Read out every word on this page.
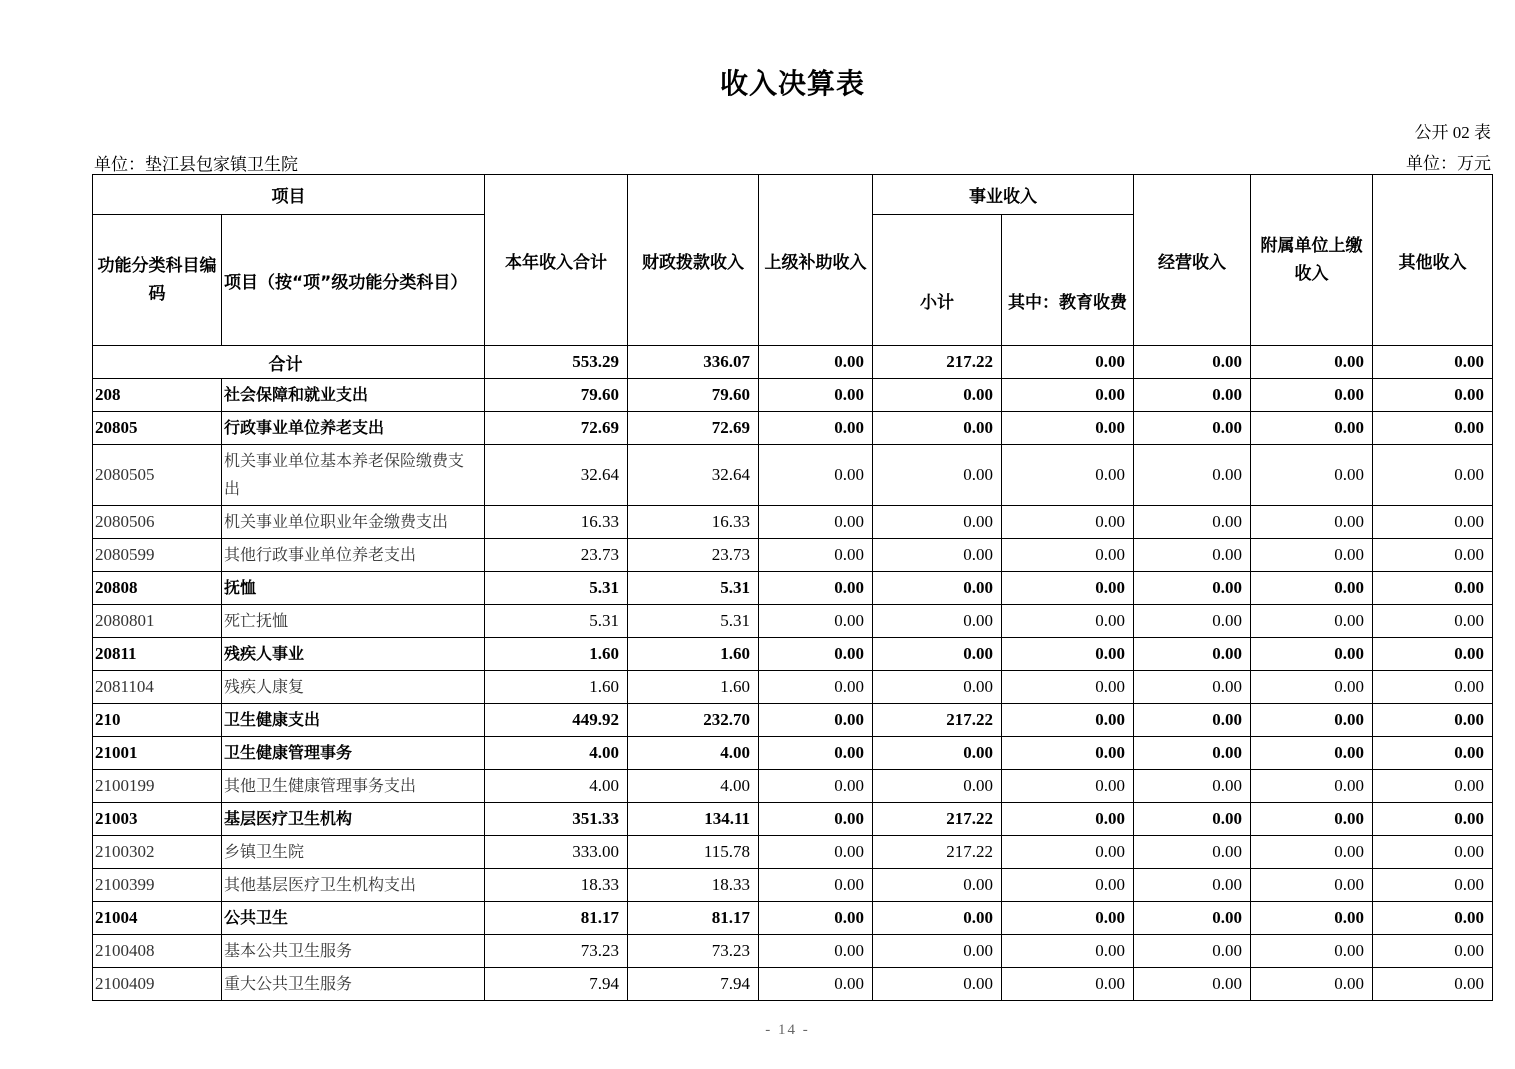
收入决算表
公开 02 表
单位：垫江县包家镇卫生院	单位：万元
项目		本年收入合计	财政拨款收入	上级补助收入	事业收入		经营收入	附属单位上缴收入	其他收入
功能分类科目编码	项目（按“项”级功能分类科目）				小计	其中：教育收费			
合计		553.29	336.07	0.00	217.22	0.00	0.00	0.00	0.00
208	社会保障和就业支出	79.60	79.60	0.00	0.00	0.00	0.00	0.00	0.00
20805	行政事业单位养老支出	72.69	72.69	0.00	0.00	0.00	0.00	0.00	0.00
2080505	机关事业单位基本养老保险缴费支出	32.64	32.64	0.00	0.00	0.00	0.00	0.00	0.00
2080506	机关事业单位职业年金缴费支出	16.33	16.33	0.00	0.00	0.00	0.00	0.00	0.00
2080599	其他行政事业单位养老支出	23.73	23.73	0.00	0.00	0.00	0.00	0.00	0.00
20808	抚恤	5.31	5.31	0.00	0.00	0.00	0.00	0.00	0.00
2080801	死亡抚恤	5.31	5.31	0.00	0.00	0.00	0.00	0.00	0.00
20811	残疾人事业	1.60	1.60	0.00	0.00	0.00	0.00	0.00	0.00
2081104	残疾人康复	1.60	1.60	0.00	0.00	0.00	0.00	0.00	0.00
210	卫生健康支出	449.92	232.70	0.00	217.22	0.00	0.00	0.00	0.00
21001	卫生健康管理事务	4.00	4.00	0.00	0.00	0.00	0.00	0.00	0.00
2100199	其他卫生健康管理事务支出	4.00	4.00	0.00	0.00	0.00	0.00	0.00	0.00
21003	基层医疗卫生机构	351.33	134.11	0.00	217.22	0.00	0.00	0.00	0.00
2100302	乡镇卫生院	333.00	115.78	0.00	217.22	0.00	0.00	0.00	0.00
2100399	其他基层医疗卫生机构支出	18.33	18.33	0.00	0.00	0.00	0.00	0.00	0.00
21004	公共卫生	81.17	81.17	0.00	0.00	0.00	0.00	0.00	0.00
2100408	基本公共卫生服务	73.23	73.23	0.00	0.00	0.00	0.00	0.00	0.00
2100409	重大公共卫生服务	7.94	7.94	0.00	0.00	0.00	0.00	0.00	0.00
- 14 -
